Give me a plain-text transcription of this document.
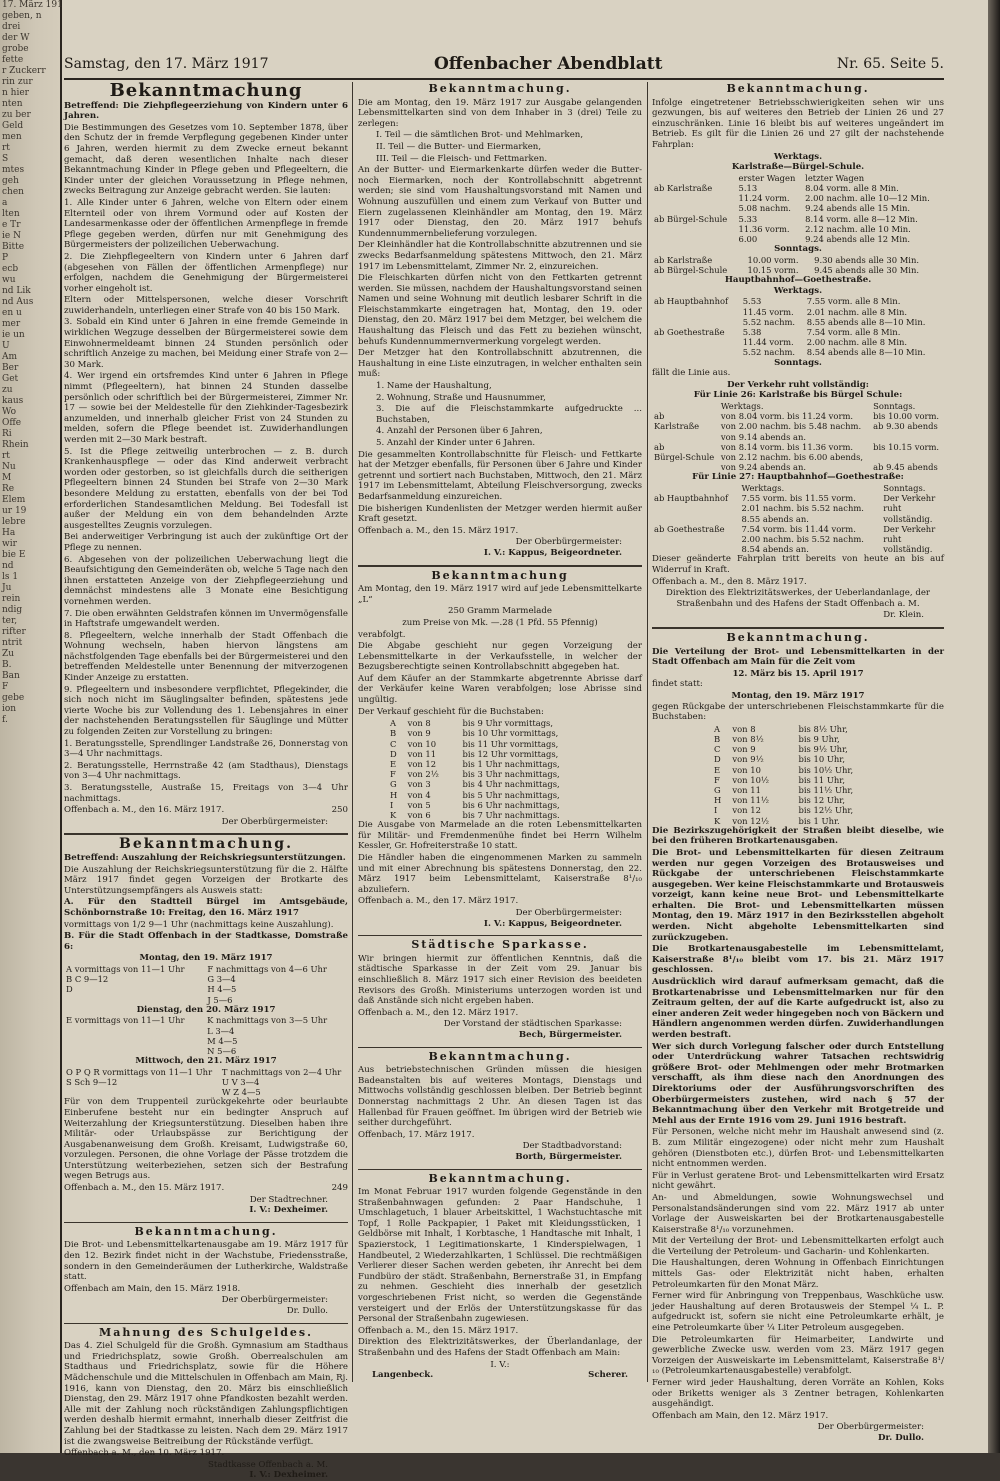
17. März 191
geben, n
drei
der W
grobe
fette
r Zuckerr
rin zur
n hier
nten
zu ber
Geld
men
rt
S
mtes
geh
chen
a
lten
e Tr
ie N
Bitte
P
ecb
wu
nd Lik
nd Aus
en u
mer
ie un
U
Am
Ber
Get
zu
kaus
Wo
Offe
Ri
Rhein
rt
Nu
M
Re
Elem
ur 19
lebre
Ha
wir
bie E
nd
ls 1
Ju
rein
ndig
ter,
rifter
ntrit
Zu
B.
Ban
F
gebe
ion
f.
Samstag, den 17. März 1917	Offenbacher Abendblatt	Nr. 65. Seite 5.
Bekanntmachung
Betreffend: Die Ziehpflegeerziehung von Kindern unter 6 Jahren.
Die Bestimmungen des Gesetzes vom 10. September 1878, über den Schutz der in fremde Verpflegung gegebenen Kinder unter 6 Jahren, werden hiermit zu dem Zwecke erneut bekannt gemacht, daß deren wesentlichen Inhalte nach dieser Bekanntmachung Kinder in Pflege geben und Pflegeeltern, die Kinder unter der gleichen Voraussetzung in Pflege nehmen, zwecks Beitragung zur Anzeige gebracht werden. Sie lauten:
1. Alle Kinder unter 6 Jahren, welche von Eltern oder einem Elternteil oder von ihrem Vormund oder auf Kosten der Landesarmenkasse oder der öffentlichen Armenpflege in fremde Pflege gegeben werden, dürfen nur mit Genehmigung des Bürgermeisters der polizeilichen Ueberwachung.
2. Die Ziehpflegeeltern von Kindern unter 6 Jahren darf (abgesehen von Fällen der öffentlichen Armenpflege) nur erfolgen, nachdem die Genehmigung der Bürgermeisterei vorher eingeholt ist.
Eltern oder Mittelspersonen, welche dieser Vorschrift zuwiderhandeln, unterliegen einer Strafe von 40 bis 150 Mark.
3. Sobald ein Kind unter 6 Jahren in eine fremde Gemeinde in wirklichen Wegzuge desselben der Bürgermeisterei sowie dem Einwohnermeldeamt binnen 24 Stunden persönlich oder schriftlich Anzeige zu machen, bei Meidung einer Strafe von 2—30 Mark.
4. Wer irgend ein ortsfremdes Kind unter 6 Jahren in Pflege nimmt (Pflegeeltern), hat binnen 24 Stunden dasselbe persönlich oder schriftlich bei der Bürgermeisterei, Zimmer Nr. 17 — sowie bei der Meldestelle für den Ziehkinder-Tagesbezirk anzumelden, und innerhalb gleicher Frist von 24 Stunden zu melden, sofern die Pflege beendet ist. Zuwiderhandlungen werden mit 2—30 Mark bestraft.
5. Ist die Pflege zeitweilig unterbrochen — z. B. durch Krankenhauspflege — oder das Kind anderweit verbracht worden oder gestorben, so ist gleichfalls durch die seitherigen Pflegeeltern binnen 24 Stunden bei Strafe von 2—30 Mark besondere Meldung zu erstatten, ebenfalls von der bei Tod erforderlichen Standesamtlichen Meldung. Bei Todesfall ist außer der Meldung ein von dem behandelnden Arzte ausgestelltes Zeugnis vorzulegen.
Bei anderweitiger Verbringung ist auch der zukünftige Ort der Pflege zu nennen.
6. Abgesehen von der polizeilichen Ueberwachung liegt die Beaufsichtigung den Gemeinderäten ob, welche 5 Tage nach den ihnen erstatteten Anzeige von der Ziehpflegeerziehung und demnächst mindestens alle 3 Monate eine Besichtigung vornehmen werden.
7. Die oben erwähnten Geldstrafen können im Unvermögensfalle in Haftstrafe umgewandelt werden.
8. Pflegeeltern, welche innerhalb der Stadt Offenbach die Wohnung wechseln, haben hiervon längstens am nächstfolgenden Tage ebenfalls bei der Bürgermeisterei und den betreffenden Meldestelle unter Benennung der mitverzogenen Kinder Anzeige zu erstatten.
9. Pflegeeltern und insbesondere verpflichtet, Pflegekinder, die sich noch nicht im Säuglingsalter befinden, spätestens jede vierte Woche bis zur Vollendung des 1. Lebensjahres in einer der nachstehenden Beratungsstellen für Säuglinge und Mütter zu folgenden Zeiten zur Vorstellung zu bringen:
1. Beratungsstelle, Sprendlinger Landstraße 26, Donnerstag von 3—4 Uhr nachmittags.
2. Beratungsstelle, Herrnstraße 42 (am Stadthaus), Dienstags von 3—4 Uhr nachmittags.
3. Beratungsstelle, Austraße 15, Freitags von 3—4 Uhr nachmittags.
Offenbach a. M., den 16. März 1917.	250
Der Oberbürgermeister:
Bekanntmachung.
Betreffend: Auszahlung der Reichskriegsunterstützungen.
Die Auszahlung der Reichskriegsunterstützung für die 2. Hälfte März 1917 findet gegen Vorzeigen der Brotkarte des Unterstützungsempfängers als Ausweis statt:
A. Für den Stadtteil Bürgel im Amtsgebäude, Schönbornstraße 10: Freitag, den 16. März 1917
vormittags von 1/2 9—1 Uhr (nachmittags keine Auszahlung).
B. Für die Stadt Offenbach in der Stadtkasse, Domstraße 6:
Montag, den 19. März 1917
A vormittags von 11—1 Uhr	F nachmittags von 4—6 Uhr
B C 9—12	G 3—4
D	H 4—5
	J 5—6
Dienstag, den 20. März 1917
E vormittags von 11—1 Uhr	K nachmittags von 3—5 Uhr
	L 3—4
	M 4—5
	N 5—6
Mittwoch, den 21. März 1917
O P Q R vormittags von 11—1 Uhr	T nachmittags von 2—4 Uhr
S Sch 9—12	U V 3—4
	W Z 4—5
Für von dem Truppenteil zurückgekehrte oder beurlaubte Einberufene besteht nur ein bedingter Anspruch auf Weiterzahlung der Kriegsunterstützung. Dieselben haben ihre Militär- oder Urlaubspässe zur Berichtigung der Ausgabenanweisung dem Großh. Kreisamt, Ludwigstraße 60, vorzulegen. Personen, die ohne Vorlage der Pässe trotzdem die Unterstützung weiterbeziehen, setzen sich der Bestrafung wegen Betrugs aus.
Offenbach a. M., den 15. März 1917.	249
Der Stadtrechner.
I. V.: Dexheimer.
Bekanntmachung.
Die Brot- und Lebensmittelkartenausgabe am 19. März 1917 für den 12. Bezirk findet nicht in der Wachstube, Friedensstraße, sondern in den Gemeinderäumen der Lutherkirche, Waldstraße statt.
Offenbach am Main, den 15. März 1918.
Der Oberbürgermeister:
Dr. Dullo.
Mahnung des Schulgeldes.
Das 4. Ziel Schulgeld für die Großh. Gymnasium am Stadthaus und Friedrichsplatz, sowie Großh. Oberrealschulen am Stadthaus und Friedrichsplatz, sowie für die Höhere Mädchenschule und die Mittelschulen in Offenbach am Main, Rj. 1916, kann von Dienstag, den 20. März bis einschließlich Dienstag, den 29. März 1917 ohne Pfandkosten bezahlt werden. Alle mit der Zahlung noch rückständigen Zahlungspflichtigen werden deshalb hiermit ermahnt, innerhalb dieser Zeitfrist die Zahlung bei der Stadtkasse zu leisten. Nach dem 29. März 1917 ist die zwangsweise Beitreibung der Rückstände verfügt.
Offenbach a. M., den 10. März 1917.
Stadtkasse Offenbach a. M.
I. V.: Dexheimer.
Bekanntmachung.
Die am Montag, den 19. März 1917 zur Ausgabe gelangenden Lebensmittelkarten sind von dem Inhaber in 3 (drei) Teile zu zerlegen:
I. Teil — die sämtlichen Brot- und Mehlmarken,
II. Teil — die Butter- und Eiermarken,
III. Teil — die Fleisch- und Fettmarken.
An der Butter- und Eiermarkenkarte dürfen weder die Butter- noch Eiermarken, noch der Kontrollabschnitt abgetrennt werden; sie sind vom Haushaltungsvorstand mit Namen und Wohnung auszufüllen und einem zum Verkauf von Butter und Eiern zugelassenen Kleinhändler am Montag, den 19. März 1917 oder Dienstag, den 20. März 1917 behufs Kundennummernbelieferung vorzulegen.
Der Kleinhändler hat die Kontrollabschnitte abzutrennen und sie zwecks Bedarfsanmeldung spätestens Mittwoch, den 21. März 1917 im Lebensmittelamt, Zimmer Nr. 2, einzureichen.
Die Fleischkarten dürfen nicht von den Fettkarten getrennt werden. Sie müssen, nachdem der Haushaltungsvorstand seinen Namen und seine Wohnung mit deutlich lesbarer Schrift in die Fleischstammkarte eingetragen hat, Montag, den 19. oder Dienstag, den 20. März 1917 bei dem Metzger, bei welchem die Haushaltung das Fleisch und das Fett zu beziehen wünscht, behufs Kundennummernvermerkung vorgelegt werden.
Der Metzger hat den Kontrollabschnitt abzutrennen, die Haushaltung in eine Liste einzutragen, in welcher enthalten sein muß:
1. Name der Haushaltung,
2. Wohnung, Straße und Hausnummer,
3. Die auf die Fleischstammkarte aufgedruckte ... Buchstaben,
4. Anzahl der Personen über 6 Jahren,
5. Anzahl der Kinder unter 6 Jahren.
Die gesammelten Kontrollabschnitte für Fleisch- und Fettkarte hat der Metzger ebenfalls, für Personen über 6 Jahre und Kinder getrennt und sortiert nach Buchstaben, Mittwoch, den 21. März 1917 im Lebensmittelamt, Abteilung Fleischversorgung, zwecks Bedarfsanmeldung einzureichen.
Die bisherigen Kundenlisten der Metzger werden hiermit außer Kraft gesetzt.
Offenbach a. M., den 15. März 1917.
Der Oberbürgermeister:
I. V.: Kappus, Beigeordneter.
Bekanntmachung
Am Montag, den 19. März 1917 wird auf jede Lebensmittelkarte „L“
250 Gramm Marmelade
zum Preise von Mk. —.28 (1 Pfd. 55 Pfennig)
verabfolgt.
Die Abgabe geschieht nur gegen Vorzeigung der Lebensmittelkarte in der Verkaufsstelle, in welcher der Bezugsberechtigte seinen Kontrollabschnitt abgegeben hat.
Auf dem Käufer an der Stammkarte abgetrennte Abrisse darf der Verkäufer keine Waren verabfolgen; lose Abrisse sind ungültig.
Der Verkauf geschieht für die Buchstaben:
A	von 8	bis 9 Uhr vormittags,
B	von 9	bis 10 Uhr vormittags,
C	von 10	bis 11 Uhr vormittags,
D	von 11	bis 12 Uhr vormittags,
E	von 12	bis 1 Uhr nachmittags,
F	von 2½	bis 3 Uhr nachmittags,
G	von 3	bis 4 Uhr nachmittags,
H	von 4	bis 5 Uhr nachmittags,
I	von 5	bis 6 Uhr nachmittags,
K	von 6	bis 7 Uhr nachmittags.
Die Ausgabe von Marmelade an die roten Lebensmittelkarten für Militär- und Fremdenmenühe findet bei Herrn Wilhelm Kessler, Gr. Hofreiterstraße 10 statt.
Die Händler haben die eingenommenen Marken zu sammeln und mit einer Abrechnung bis spätestens Donnerstag, den 22. März 1917 beim Lebensmittelamt, Kaiserstraße 8¹/₁₀ abzuliefern.
Offenbach a. M., den 17. März 1917.
Der Oberbürgermeister:
I. V.: Kappus, Beigeordneter.
Städtische Sparkasse.
Wir bringen hiermit zur öffentlichen Kenntnis, daß die städtische Sparkasse in der Zeit vom 29. Januar bis einschließlich 8. März 1917 sich einer Revision des beeideten Revisors des Großh. Ministeriums unterzogen worden ist und daß Anstände sich nicht ergeben haben.
Offenbach a. M., den 12. März 1917.
Der Vorstand der städtischen Sparkasse:
Bech, Bürgermeister.
Bekanntmachung.
Aus betriebstechnischen Gründen müssen die hiesigen Badeanstalten bis auf weiteres Montags, Dienstags und Mittwochs vollständig geschlossen bleiben. Der Betrieb beginnt Donnerstag nachmittags 2 Uhr. An diesen Tagen ist das Hallenbad für Frauen geöffnet. Im übrigen wird der Betrieb wie seither durchgeführt.
Offenbach, 17. März 1917.
Der Stadtbadvorstand:
Borth, Bürgermeister.
Bekanntmachung.
Im Monat Februar 1917 wurden folgende Gegenstände in den Straßenbahnwagen gefunden: 2 Paar Handschuhe, 1 Umschlagetuch, 1 blauer Arbeitskittel, 1 Wachstuchtasche mit Topf, 1 Rolle Packpapier, 1 Paket mit Kleidungsstücken, 1 Geldbörse mit Inhalt, 1 Korbtasche, 1 Handtasche mit Inhalt, 1 Spazierstock, 1 Legitimationskarte, 1 Kinderspielwagen, 1 Handbeutel, 2 Wiederzahlkarten, 1 Schlüssel. Die rechtmäßigen Verlierer dieser Sachen werden gebeten, ihr Anrecht bei dem Fundbüro der städt. Straßenbahn, Bernerstraße 31, in Empfang zu nehmen. Geschieht dies innerhalb der gesetzlich vorgeschriebenen Frist nicht, so werden die Gegenstände versteigert und der Erlös der Unterstützungskasse für das Personal der Straßenbahn zugewiesen.
Offenbach a. M., den 15. März 1917.
Direktion des Elektrizitätswerkes, der Überlandanlage, der Straßenbahn und des Hafens der Stadt Offenbach am Main:
I. V.:
Langenbeck.	Scherer.
Bekanntmachung.
Infolge eingetretener Betriebsschwierigkeiten sehen wir uns gezwungen, bis auf weiteres den Betrieb der Linien 26 und 27 einzuschränken. Linie 16 bleibt bis auf weiteres ungeändert im Betrieb. Es gilt für die Linien 26 und 27 gilt der nachstehende Fahrplan:
Werktags.
Karlstraße—Bürgel-Schule.
	erster Wagen	letzter Wagen
ab Karlstraße	5.13	8.04 vorm. alle 8 Min.
	11.24 vorm.	2.00 nachm. alle 10—12 Min.
	5.08 nachm.	9.24 abends alle 15 Min.
ab Bürgel-Schule	5.33	8.14 vorm. alle 8—12 Min.
	11.36 vorm.	2.12 nachm. alle 10 Min.
	6.00	9.24 abends alle 12 Min.
Sonntags.
ab Karlstraße	10.00 vorm.	9.30 abends alle 30 Min.
ab Bürgel-Schule	10.15 vorm.	9.45 abends alle 30 Min.
Hauptbahnhof—Goethestraße.
Werktags.
ab Hauptbahnhof	5.53	7.55 vorm. alle 8 Min.
	11.45 vorm.	2.01 nachm. alle 8 Min.
	5.52 nachm.	8.55 abends alle 8—10 Min.
ab Goethestraße	5.38	7.54 vorm. alle 8 Min.
	11.44 vorm.	2.00 nachm. alle 8 Min.
	5.52 nachm.	8.54 abends alle 8—10 Min.
Sonntags.
fällt die Linie aus.
Der Verkehr ruht vollständig:
Für Linie 26: Karlstraße bis Bürgel Schule:
	Werktags.	Sonntags.
ab	von 8.04 vorm. bis 11.24 vorm.	bis 10.00 vorm.
Karlstraße	von 2.00 nachm. bis 5.48 nachm.	ab 9.30 abends
	von 9.14 abends an.	
ab	von 8.14 vorm. bis 11.36 vorm.	bis 10.15 vorm.
Bürgel-Schule	von 2.12 nachm. bis 6.00 abends,	
	von 9.24 abends an.	ab 9.45 abends
Für Linie 27: Hauptbahnhof—Goethestraße:
	Werktags.	Sonntags.
ab Hauptbahnhof	7.55 vorm. bis 11.55 vorm.	Der Verkehr
	2.01 nachm. bis 5.52 nachm.	ruht
	8.55 abends an.	vollständig.
ab Goethestraße	7.54 vorm. bis 11.44 vorm.	Der Verkehr
	2.00 nachm. bis 5.52 nachm.	ruht
	8.54 abends an.	vollständig.
Dieser geänderte Fahrplan tritt bereits von heute an bis auf Widerruf in Kraft.
Offenbach a. M., den 8. März 1917.
Direktion des Elektrizitätswerkes, der Ueberlandanlage, der Straßenbahn und des Hafens der Stadt Offenbach a. M.
Dr. Klein.
Bekanntmachung.
Die Verteilung der Brot- und Lebensmittelkarten in der Stadt Offenbach am Main für die Zeit vom
12. März bis 15. April 1917
findet statt:
Montag, den 19. März 1917
gegen Rückgabe der unterschriebenen Fleischstammkarte für die Buchstaben:
A	von 8	bis 8½ Uhr,
B	von 8½	bis 9 Uhr,
C	von 9	bis 9½ Uhr,
D	von 9½	bis 10 Uhr,
E	von 10	bis 10½ Uhr,
F	von 10½	bis 11 Uhr,
G	von 11	bis 11½ Uhr,
H	von 11½	bis 12 Uhr,
I	von 12	bis 12½ Uhr,
K	von 12½	bis 1 Uhr.
Die Bezirkszugehörigkeit der Straßen bleibt dieselbe, wie bei den früheren Brotkartenausgaben.
Die Brot- und Lebensmittelkarten für diesen Zeitraum werden nur gegen Vorzeigen des Brotausweises und Rückgabe der unterschriebenen Fleischstammkarte ausgegeben. Wer keine Fleischstammkarte und Brotausweis vorzeigt, kann keine neue Brot- und Lebensmittelkarte erhalten. Die Brot- und Lebensmittelkarten müssen Montag, den 19. März 1917 in den Bezirksstellen abgeholt werden. Nicht abgeholte Lebensmittelkarten sind zurückzugeben.
Die Brotkartenausgabestelle im Lebensmittelamt, Kaiserstraße 8¹/₁₀ bleibt vom 17. bis 21. März 1917 geschlossen.
Ausdrücklich wird darauf aufmerksam gemacht, daß die Brotkartenabrisse und Lebensmittelmarken nur für den Zeitraum gelten, der auf die Karte aufgedruckt ist, also zu einer anderen Zeit weder hingegeben noch von Bäckern und Händlern angenommen werden dürfen. Zuwiderhandlungen werden bestraft.
Wer sich durch Vorlegung falscher oder durch Entstellung oder Unterdrückung wahrer Tatsachen rechtswidrig größere Brot- oder Mehlmengen oder mehr Brotmarken verschafft, als ihm diese nach den Anordnungen des Direktoriums oder der Ausführungsvorschriften des Oberbürgermeisters zustehen, wird nach § 57 der Bekanntmachung über den Verkehr mit Brotgetreide und Mehl aus der Ernte 1916 vom 29. Juni 1916 bestraft.
Für Personen, welche nicht mehr im Haushalt anwesend sind (z. B. zum Militär eingezogene) oder nicht mehr zum Haushalt gehören (Dienstboten etc.), dürfen Brot- und Lebensmittelkarten nicht entnommen werden.
Für in Verlust geratene Brot- und Lebensmittelkarten wird Ersatz nicht gewährt.
An- und Abmeldungen, sowie Wohnungswechsel und Personalstandsänderungen sind vom 22. März 1917 ab unter Vorlage der Ausweiskarten bei der Brotkartenausgabestelle Kaiserstraße 8¹/₁₀ vorzunehmen.
Mit der Verteilung der Brot- und Lebensmittelkarten erfolgt auch die Verteilung der Petroleum- und Gacharin- und Kohlenkarten.
Die Haushaltungen, deren Wohnung in Offenbach Einrichtungen mittels Gas- oder Elektrizität nicht haben, erhalten Petroleumkarten für den Monat März.
Ferner wird für Anbringung von Treppenbaus, Waschküche usw. jeder Haushaltung auf deren Brotausweis der Stempel ¼ L. P. aufgedruckt ist, sofern sie nicht eine Petroleumkarte erhält, je eine Petroleumkarte über ¼ Liter Petroleum ausgegeben.
Die Petroleumkarten für Heimarbeiter, Landwirte und gewerbliche Zwecke usw. werden vom 23. März 1917 gegen Vorzeigen der Ausweiskarte im Lebensmittelamt, Kaiserstraße 8¹/₁₀ (Petroleumkartenausgabestelle) verabfolgt.
Ferner wird jeder Haushaltung, deren Vorräte an Kohlen, Koks oder Briketts weniger als 3 Zentner betragen, Kohlenkarten ausgehändigt.
Offenbach am Main, den 12. März 1917.
Der Oberbürgermeister:
Dr. Dullo.
